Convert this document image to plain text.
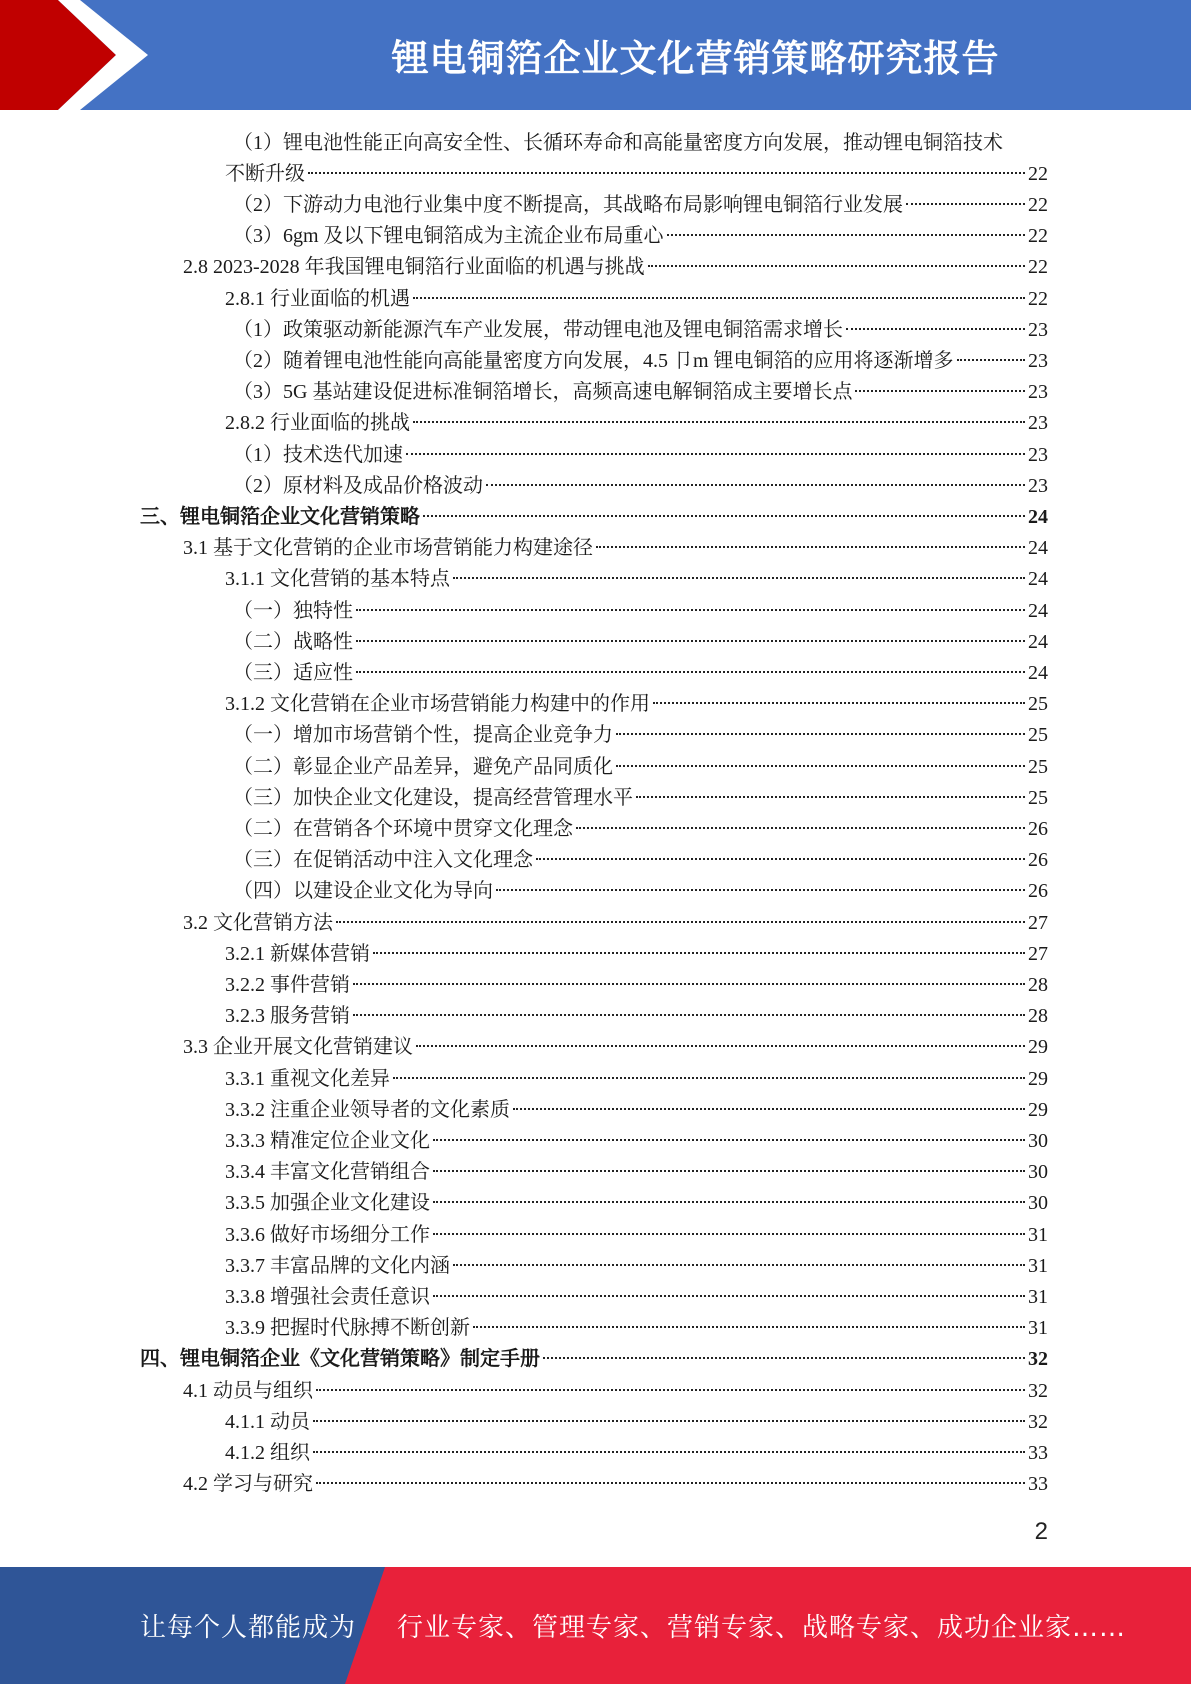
锂电铜箔企业文化营销策略研究报告
（1）锂电池性能正向高安全性、长循环寿命和高能量密度方向发展，推动锂电铜箔技术
不断升级	22
（2）下游动力电池行业集中度不断提高，其战略布局影响锂电铜箔行业发展	22
（3）6gm 及以下锂电铜箔成为主流企业布局重心	22
2.8 2023-2028 年我国锂电铜箔行业面临的机遇与挑战	22
2.8.1 行业面临的机遇	22
（1）政策驱动新能源汽车产业发展，带动锂电池及锂电铜箔需求增长	23
（2）随着锂电池性能向高能量密度方向发展，4.5 卩m 锂电铜箔的应用将逐渐增多	23
（3）5G 基站建设促进标准铜箔增长，高频高速电解铜箔成主要增长点	23
2.8.2 行业面临的挑战	23
（1）技术迭代加速	23
（2）原材料及成品价格波动	23
三、锂电铜箔企业文化营销策略	24
3.1 基于文化营销的企业市场营销能力构建途径	24
3.1.1 文化营销的基本特点	24
（一）独特性	24
（二）战略性	24
（三）适应性	24
3.1.2 文化营销在企业市场营销能力构建中的作用	25
（一）增加市场营销个性，提高企业竞争力	25
（二）彰显企业产品差异，避免产品同质化	25
（三）加快企业文化建设，提高经营管理水平	25
（二）在营销各个环境中贯穿文化理念	26
（三）在促销活动中注入文化理念	26
（四）以建设企业文化为导向	26
3.2 文化营销方法	27
3.2.1 新媒体营销	27
3.2.2 事件营销	28
3.2.3 服务营销	28
3.3 企业开展文化营销建议	29
3.3.1 重视文化差异	29
3.3.2 注重企业领导者的文化素质	29
3.3.3 精准定位企业文化	30
3.3.4 丰富文化营销组合	30
3.3.5 加强企业文化建设	30
3.3.6 做好市场细分工作	31
3.3.7 丰富品牌的文化内涵	31
3.3.8 增强社会责任意识	31
3.3.9 把握时代脉搏不断创新	31
四、锂电铜箔企业《文化营销策略》制定手册	32
4.1 动员与组织	32
4.1.1 动员	32
4.1.2 组织	33
4.2 学习与研究	33
2
让每个人都能成为 行业专家、管理专家、营销专家、战略专家、成功企业家……
